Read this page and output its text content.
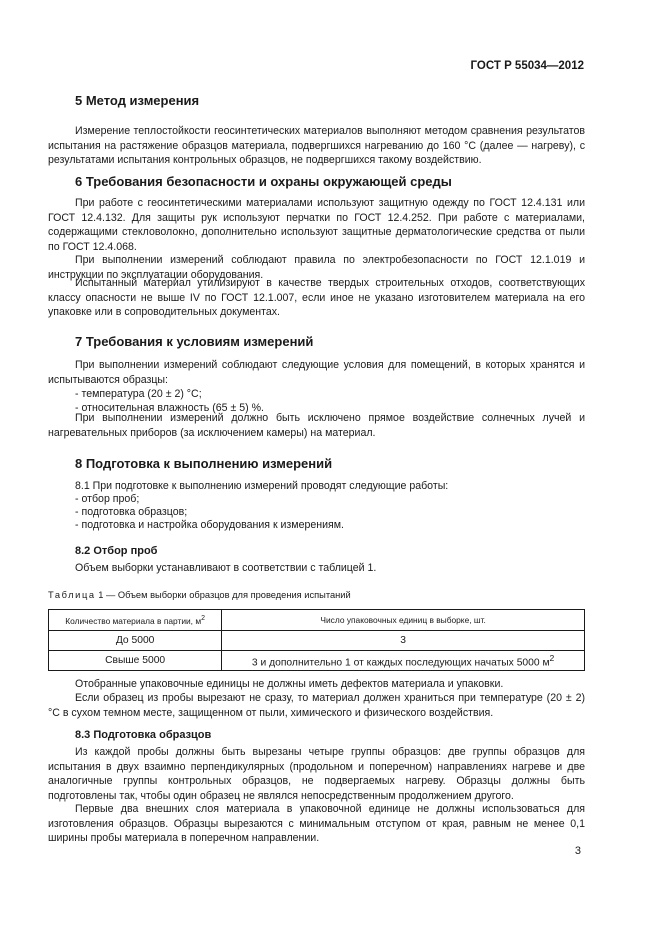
ГОСТ Р 55034—2012
5 Метод измерения

Измерение теплостойкости геосинтетических материалов выполняют методом сравнения результатов испытания на растяжение образцов материала, подвергшихся нагреванию до 160 °С (далее — нагреву), с результатами испытания контрольных образцов, не подвергшихся такому воздействию.

6 Требования безопасности и охраны окружающей среды

При работе с геосинтетическими материалами используют защитную одежду по ГОСТ 12.4.131 или ГОСТ 12.4.132. Для защиты рук используют перчатки по ГОСТ 12.4.252. При работе с материалами, содержащими стекловолокно, дополнительно используют защитные дерматологические средства от пыли по ГОСТ 12.4.068.

При выполнении измерений соблюдают правила по электробезопасности по ГОСТ 12.1.019 и инструкции по эксплуатации оборудования.

Испытанный материал утилизируют в качестве твердых строительных отходов, соответствующих классу опасности не выше IV по ГОСТ 12.1.007, если иное не указано изготовителем материала на его упаковке или в сопроводительных документах.

7 Требования к условиям измерений

При выполнении измерений соблюдают следующие условия для помещений, в которых хранятся и испытываются образцы:

- температура (20 ± 2) °С;

- относительная влажность (65 ± 5) %.

При выполнении измерений должно быть исключено прямое воздействие солнечных лучей и нагревательных приборов (за исключением камеры) на материал.

8 Подготовка к выполнению измерений

8.1 При подготовке к выполнению измерений проводят следующие работы:

- отбор проб;

- подготовка образцов;

- подготовка и настройка оборудования к измерениям.

8.2 Отбор проб

Объем выборки устанавливают в соответствии с таблицей 1.

Таблица 1 — Объем выборки образцов для проведения испытаний
Количество материала в партии, $м^2$	Число упаковочных единиц в выборке, шт.
До 5000	3
Свыше 5000	3 и дополнительно 1 от каждых последующих начатых 5000 $м^2$

Отобранные упаковочные единицы не должны иметь дефектов материала и упаковки.

Если образец из пробы вырезают не сразу, то материал должен храниться при температуре (20 ± 2) °С в сухом темном месте, защищенном от пыли, химического и физического воздействия.

8.3 Подготовка образцов

Из каждой пробы должны быть вырезаны четыре группы образцов: две группы образцов для испытания в двух взаимно перпендикулярных (продольном и поперечном) направлениях нагреве и две аналогичные группы контрольных образцов, не подвергаемых нагреву. Образцы должны быть подготовлены так, чтобы один образец не являлся непосредственным продолжением другого.

Первые два внешних слоя материала в упаковочной единице не должны использоваться для изготовления образцов. Образцы вырезаются с минимальным отступом от края, равным не менее 0,1 ширины пробы материала в поперечном направлении.

3
